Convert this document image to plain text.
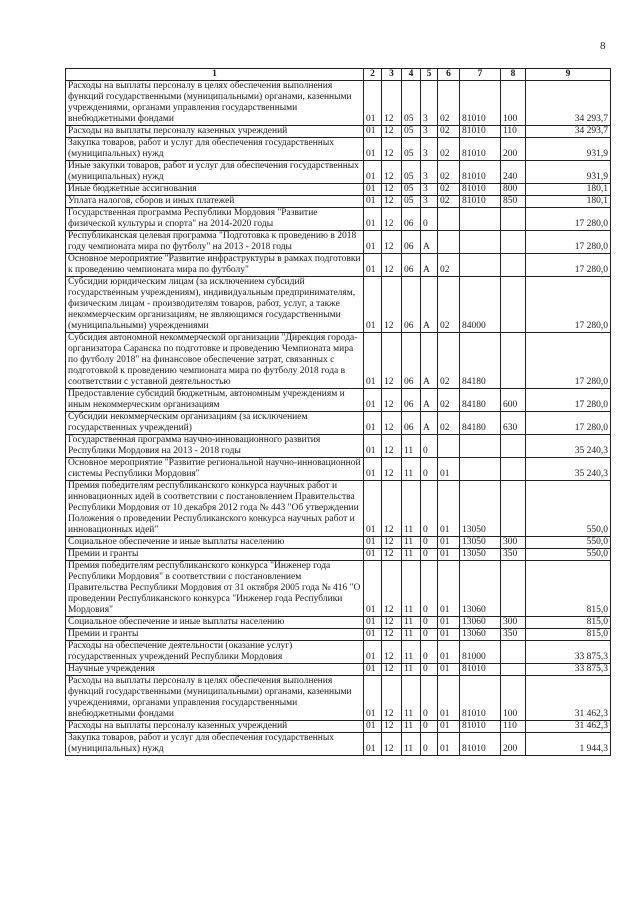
8
1	2	3	4	5	6	7	8	9
Расходы на выплаты персоналу в целях обеспечения выполнения функций государственными (муниципальными) органами, казенными учреждениями, органами управления государственными внебюджетными фондами	01	12	05	3	02	81010	100	34 293,7
Расходы на выплаты персоналу казенных учреждений	01	12	05	3	02	81010	110	34 293,7
Закупка товаров, работ и услуг для обеспечения государственных (муниципальных) нужд	01	12	05	3	02	81010	200	931,9
Иные закупки товаров, работ и услуг для обеспечения государственных (муниципальных) нужд	01	12	05	3	02	81010	240	931,9
Иные бюджетные ассигнования	01	12	05	3	02	81010	800	180,1
Уплата налогов, сборов и иных платежей	01	12	05	3	02	81010	850	180,1
Государственная программа Республики Мордовия "Развитие физической культуры и спорта" на 2014-2020 годы	01	12	06	0				17 280,0
Республиканская целевая программа "Подготовка к проведению в 2018 году чемпионата мира по футболу" на 2013 - 2018 годы	01	12	06	А				17 280,0
Основное мероприятие "Развитие инфраструктуры в рамках подготовки к проведению чемпионата мира по футболу"	01	12	06	А	02			17 280,0
Субсидии юридическим лицам (за исключением субсидий государственным учреждениям), индивидуальным предпринимателям, физическим лицам - производителям товаров, работ, услуг, а также некоммерческим организациям, не являющимся государственными (муниципальными) учреждениями	01	12	06	А	02	84000		17 280,0
Субсидия автономной некоммерческой организации "Дирекция города-организатора Саранска по подготовке и проведению Чемпионата мира по футболу 2018" на финансовое обеспечение затрат, связанных с подготовкой к проведению чемпионата мира по футболу 2018 года в соответствии с уставной деятельностью	01	12	06	А	02	84180		17 280,0
Предоставление субсидий бюджетным, автономным учреждениям и иным некоммерческим организациям	01	12	06	А	02	84180	600	17 280,0
Субсидии некоммерческим организациям (за исключением государственных учреждений)	01	12	06	А	02	84180	630	17 280,0
Государственная программа научно-инновационного развития Республики Мордовия на 2013 - 2018 годы	01	12	11	0				35 240,3
Основное мероприятие "Развитие региональной научно-инновационной системы Республики Мордовия"	01	12	11	0	01			35 240,3
Премия победителям республиканского конкурса научных работ и инновационных идей в соответствии с постановлением Правительства Республики Мордовия от 10 декабря 2012 года № 443 "Об утверждении Положения о проведении Республиканского конкурса научных работ и инновационных идей"	01	12	11	0	01	13050		550,0
Социальное обеспечение и иные выплаты населению	01	12	11	0	01	13050	300	550,0
Премии и гранты	01	12	11	0	01	13050	350	550,0
Премия победителям республиканского конкурса "Инженер года Республики Мордовия" в соответствии с постановлением Правительства Республики Мордовия от 31 октября 2005 года № 416 "О проведении Республиканского конкурса "Инженер года Республики Мордовия"	01	12	11	0	01	13060		815,0
Социальное обеспечение и иные выплаты населению	01	12	11	0	01	13060	300	815,0
Премии и гранты	01	12	11	0	01	13060	350	815,0
Расходы на обеспечение деятельности (оказание услуг) государственных учреждений Республики Мордовия	01	12	11	0	01	81000		33 875,3
Научные учреждения	01	12	11	0	01	81010		33 875,3
Расходы на выплаты персоналу в целях обеспечения выполнения функций государственными (муниципальными) органами, казенными учреждениями, органами управления государственными внебюджетными фондами	01	12	11	0	01	81010	100	31 462,3
Расходы на выплаты персоналу казенных учреждений	01	12	11	0	01	81010	110	31 462,3
Закупка товаров, работ и услуг для обеспечения государственных (муниципальных) нужд	01	12	11	0	01	81010	200	1 944,3
